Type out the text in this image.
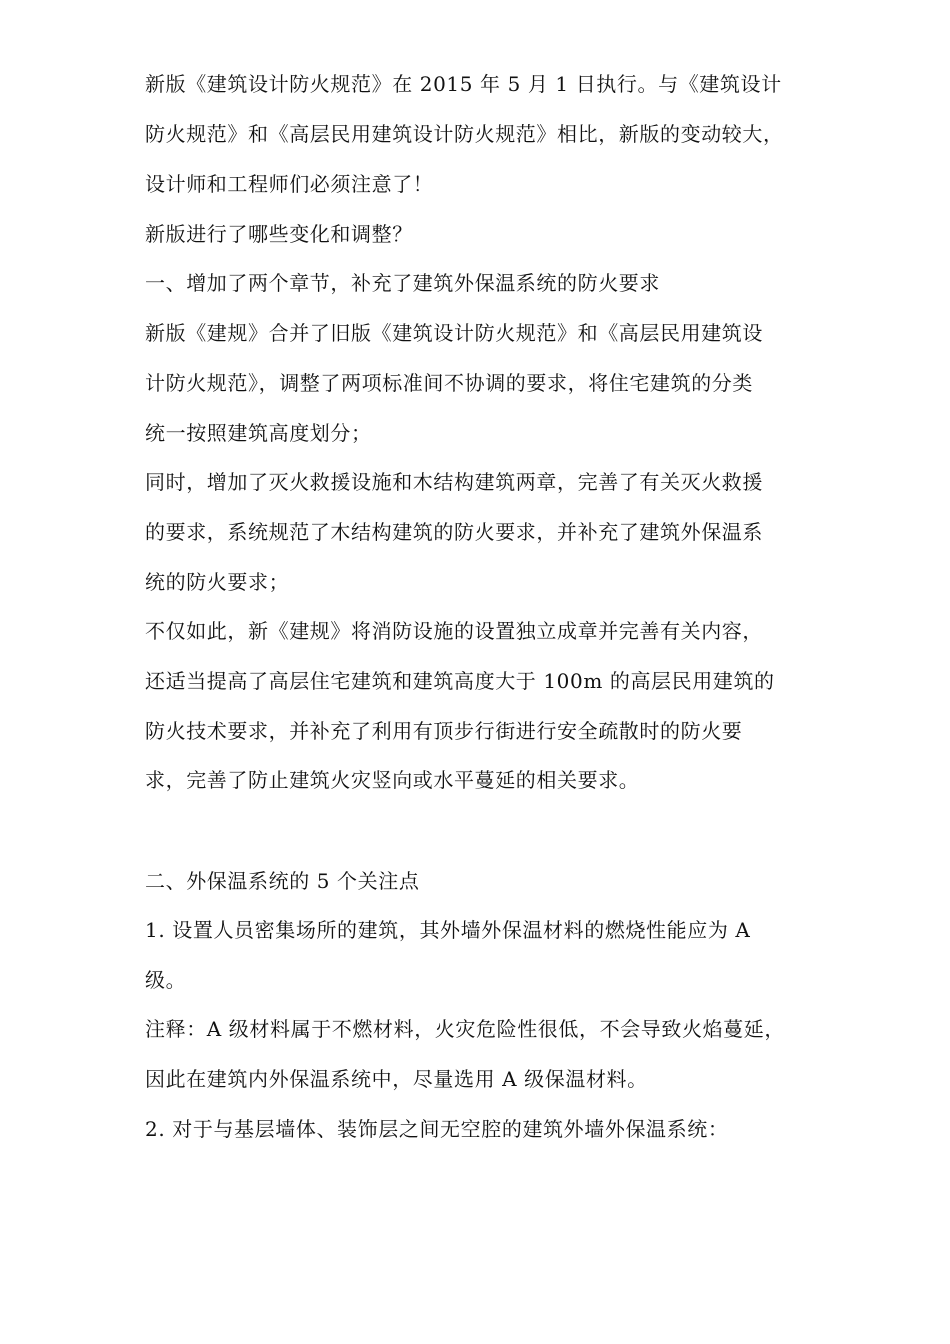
新版《建筑设计防火规范》在 2015 年 5 月 1 日执行。与《建筑设计
防火规范》和《高层民用建筑设计防火规范》相比，新版的变动较大，
设计师和工程师们必须注意了！
新版进行了哪些变化和调整？
一、增加了两个章节，补充了建筑外保温系统的防火要求
新版《建规》合并了旧版《建筑设计防火规范》和《高层民用建筑设
计防火规范》，调整了两项标准间不协调的要求，将住宅建筑的分类
统一按照建筑高度划分；
同时，增加了灭火救援设施和木结构建筑两章，完善了有关灭火救援
的要求，系统规范了木结构建筑的防火要求，并补充了建筑外保温系
统的防火要求；
不仅如此，新《建规》将消防设施的设置独立成章并完善有关内容，
还适当提高了高层住宅建筑和建筑高度大于 100m 的高层民用建筑的
防火技术要求，并补充了利用有顶步行街进行安全疏散时的防火要
求，完善了防止建筑火灾竖向或水平蔓延的相关要求。
二、外保温系统的 5 个关注点
1. 设置人员密集场所的建筑，其外墙外保温材料的燃烧性能应为 A
级。
注释：A 级材料属于不燃材料，火灾危险性很低，不会导致火焰蔓延，
因此在建筑内外保温系统中，尽量选用 A 级保温材料。
2. 对于与基层墙体、装饰层之间无空腔的建筑外墙外保温系统：
